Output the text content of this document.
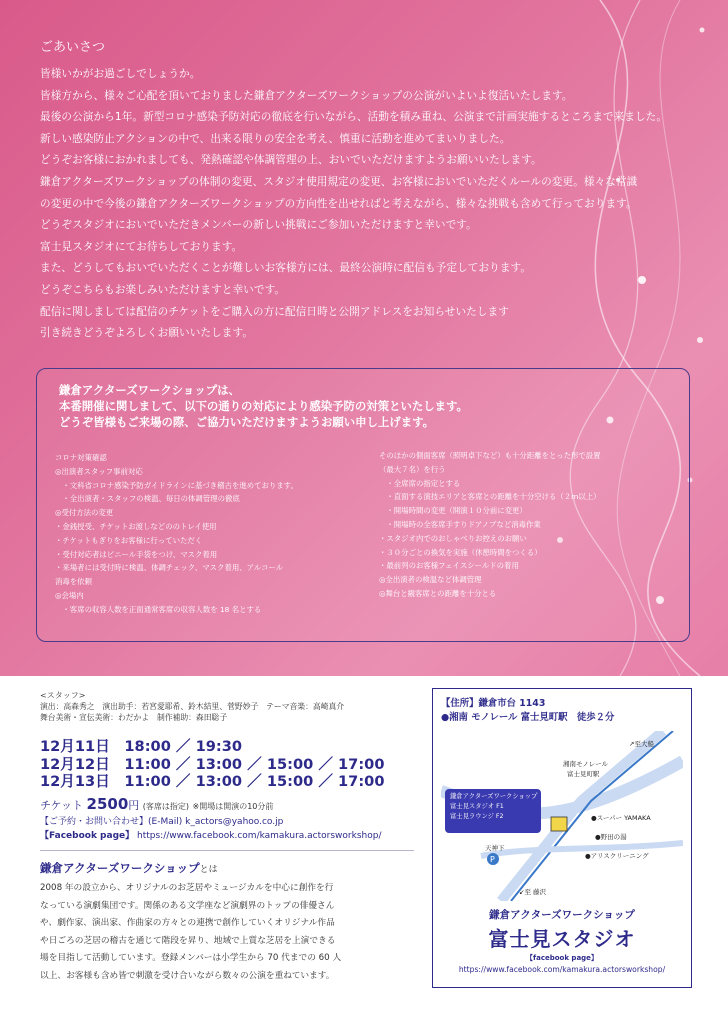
ごあいさつ

皆様いかがお過ごしでしょうか。

皆様方から、様々ご心配を頂いておりました鎌倉アクターズワークショップの公演がいよいよ復活いたします。

最後の公演から1年。新型コロナ感染予防対応の徹底を行いながら、活動を積み重ね、公演まで計画実施するところまで来ました。

新しい感染防止アクションの中で、出来る限りの安全を考え、慎重に活動を進めてまいりました。

どうぞお客様におかれましても、発熱確認や体調管理の上、おいでいただけますようお願いいたします。

鎌倉アクターズワークショップの体制の変更、スタジオ使用規定の変更、お客様においでいただくルールの変更。様々な常識

の変更の中で今後の鎌倉アクターズワークショップの方向性を出せればと考えながら、様々な挑戦も含めて行っております。

どうぞスタジオにおいでいただきメンバーの新しい挑戦にご参加いただけますと幸いです。

富士見スタジオにてお待ちしております。

また、どうしてもおいでいただくことが難しいお客様方には、最終公演時に配信も予定しております。

どうぞこちらもお楽しみいただけますと幸いです。

配信に関しましては配信のチケットをご購入の方に配信日時と公開アドレスをお知らせいたします

引き続きどうぞよろしくお願いいたします。

鎌倉アクターズワークショップは、
本番開催に関しまして、以下の通りの対応により感染予防の対策といたします。
どうぞ皆様もご来場の際、ご協力いただけますようお願い申し上げます。
コロナ対策確認
◎出演者スタッフ事前対応
　・文科省コロナ感染予防ガイドラインに基づき稽古を進めております。
　・全出演者・スタッフの検温、毎日の体調管理の徹底
◎受付方法の変更
・金銭授受、チケットお渡しなどののトレイ使用
・チケットもぎりをお客様に行っていただく
・受付対応者はビニール手袋をつけ、マスク着用
・来場者には受付時に検温、体調チェック、マスク着用、アルコール
消毒を依頼
◎会場内
　・客席の収容人数を正面通常客席の収容人数を 18 名とする
そのほかの側面客席（照明卓下など）も十分距離をとった形で設置
（最大７名）を行う
　・全席席の指定とする
　・直面する演技エリアと客席との距離を十分空ける（２m以上）
　・開場時間の変更（開演１０分前に変更）
　・開場時の全客席手すりドアノブなど消毒作業
・スタジオ内でのおしゃべりお控えのお願い
・３０分ごとの換気を実施（休憩時間をつくる）
・最前列のお客様フェイスシールドの着用
◎全出演者の検温など体調管理
◎舞台と観客席との距離を十分とる
<スタッフ>
演出：高森秀之　演出助手：若宮愛耶希、鈴木結里、菅野妙子　テーマ音楽：高崎真介
舞台美術・宣伝美術：わだかよ　制作補助：森田聡子
12月11日　18:00 ／ 19:30
12月12日　11:00 ／ 13:00 ／ 15:00 ／ 17:00
12月13日　11:00 ／ 13:00 ／ 15:00 ／ 17:00
チケット 2500円 (客席は指定) ※開場は開演の10分前
【ご予約・お問い合わせ】(E-Mail) k_actors@yahoo.co.jp
【Facebook page】 https://www.facebook.com/kamakura.actorsworkshop/
鎌倉アクターズワークショップとは
2008 年の設立から、オリジナルのお芝居やミュージカルを中心に創作を行
なっている演劇集団です。関係のある文学座など演劇界のトップの俳優さん
や、劇作家、演出家、作曲家の方々との連携で創作していくオリジナル作品
や日ごろの芝居の稽古を通じて階段を昇り、地域で上質な芝居を上演できる
場を目指して活動しています。登録メンバーは小学生から 70 代までの 60 人
以上、お客様も含め皆で刺激を受け合いながら数々の公演を重ねています。
【住所】鎌倉市台 1143
●湘南 モノレール 富士見町駅　徒歩２分
P
↗至大船
湘南モノレール
富士見町駅
鎌倉アクターズワークショップ
富士見スタジオ F1
富士見ラウンジ F2	●スーパー YAMAKA
●野田の湯
●アリスクリーニング
天神下
↙至 藤沢
鎌倉アクターズワークショップ
富士見スタジオ
【facebook page】
https://www.facebook.com/kamakura.actorsworkshop/
